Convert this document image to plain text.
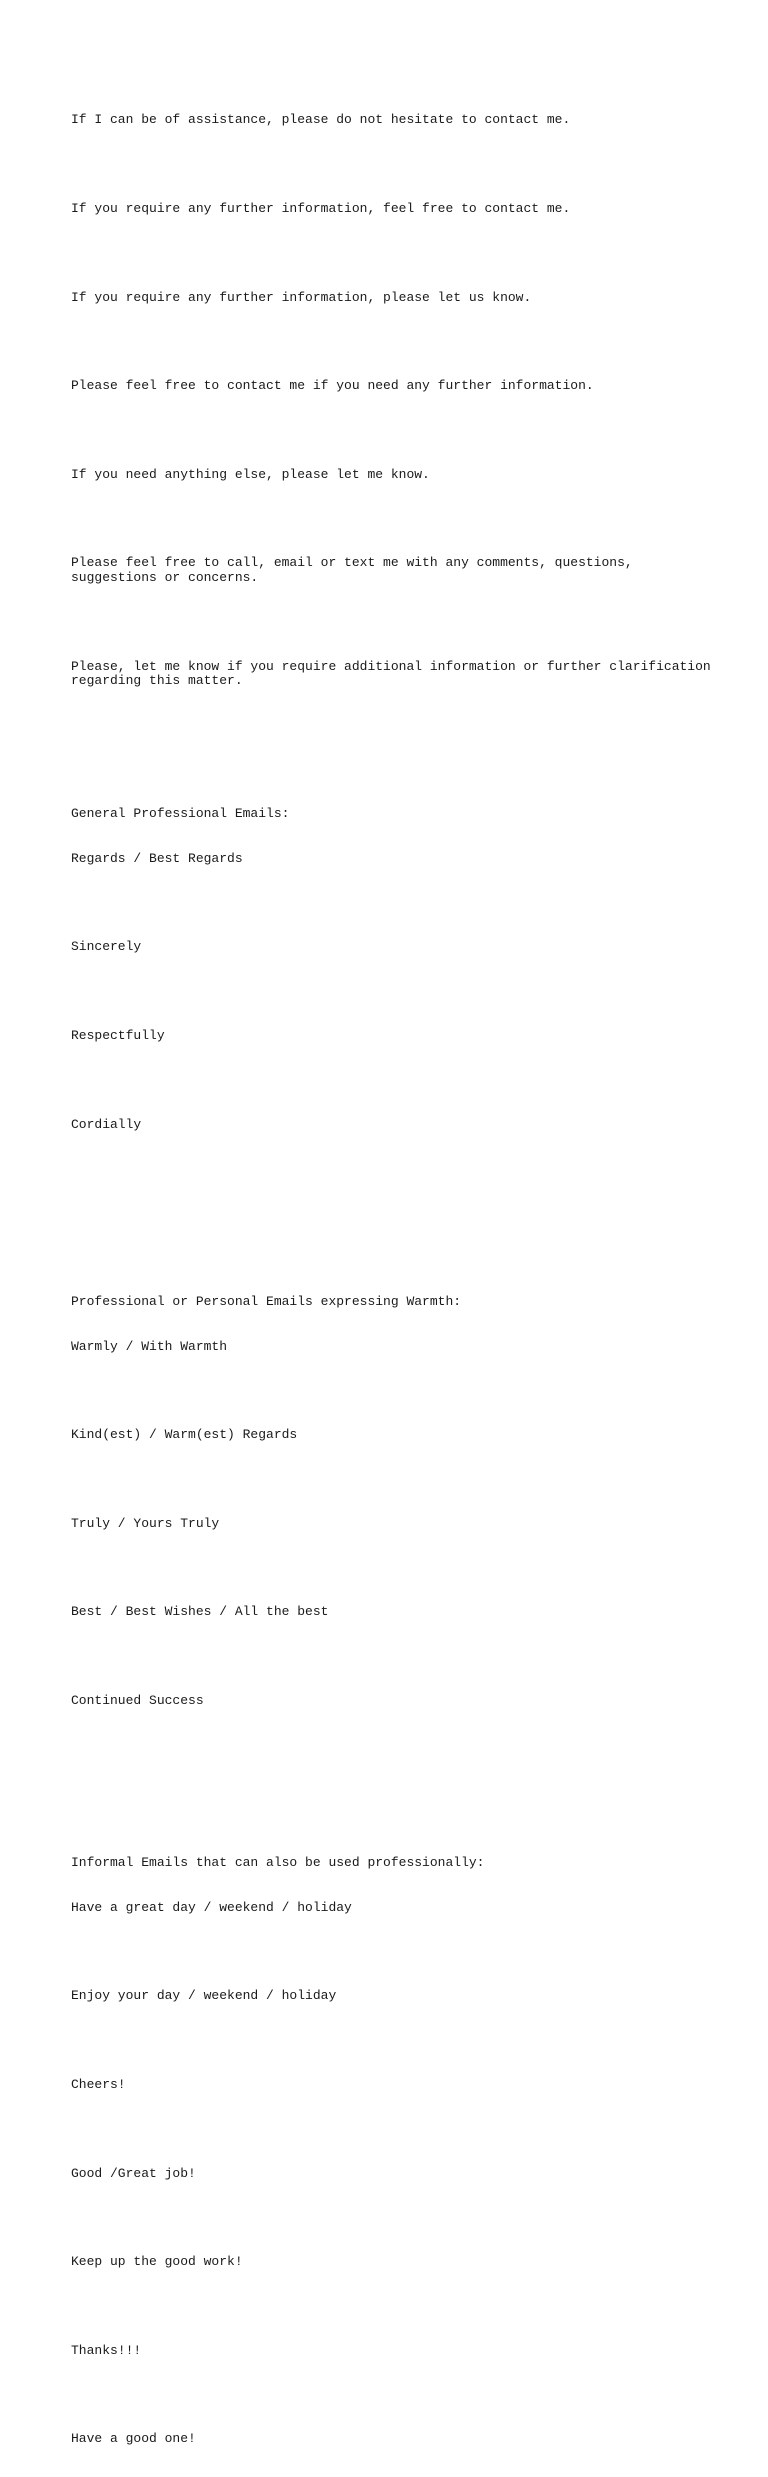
If I can be of assistance, please do not hesitate to contact me.

If you require any further information, feel free to contact me.

If you require any further information, please let us know.

Please feel free to contact me if you need any further information.

If you need anything else, please let me know.

Please feel free to call, email or text me with any comments, questions,
suggestions or concerns.

Please, let me know if you require additional information or further clarification
regarding this matter.

General Professional Emails:

Regards / Best Regards

Sincerely

Respectfully

Cordially

Professional or Personal Emails expressing Warmth:

Warmly / With Warmth

Kind(est) / Warm(est) Regards

Truly / Yours Truly

Best / Best Wishes / All the best

Continued Success

Informal Emails that can also be used professionally:

Have a great day / weekend / holiday

Enjoy your day / weekend / holiday

Cheers!

Good /Great job!

Keep up the good work!

Thanks!!!

Have a good one!
